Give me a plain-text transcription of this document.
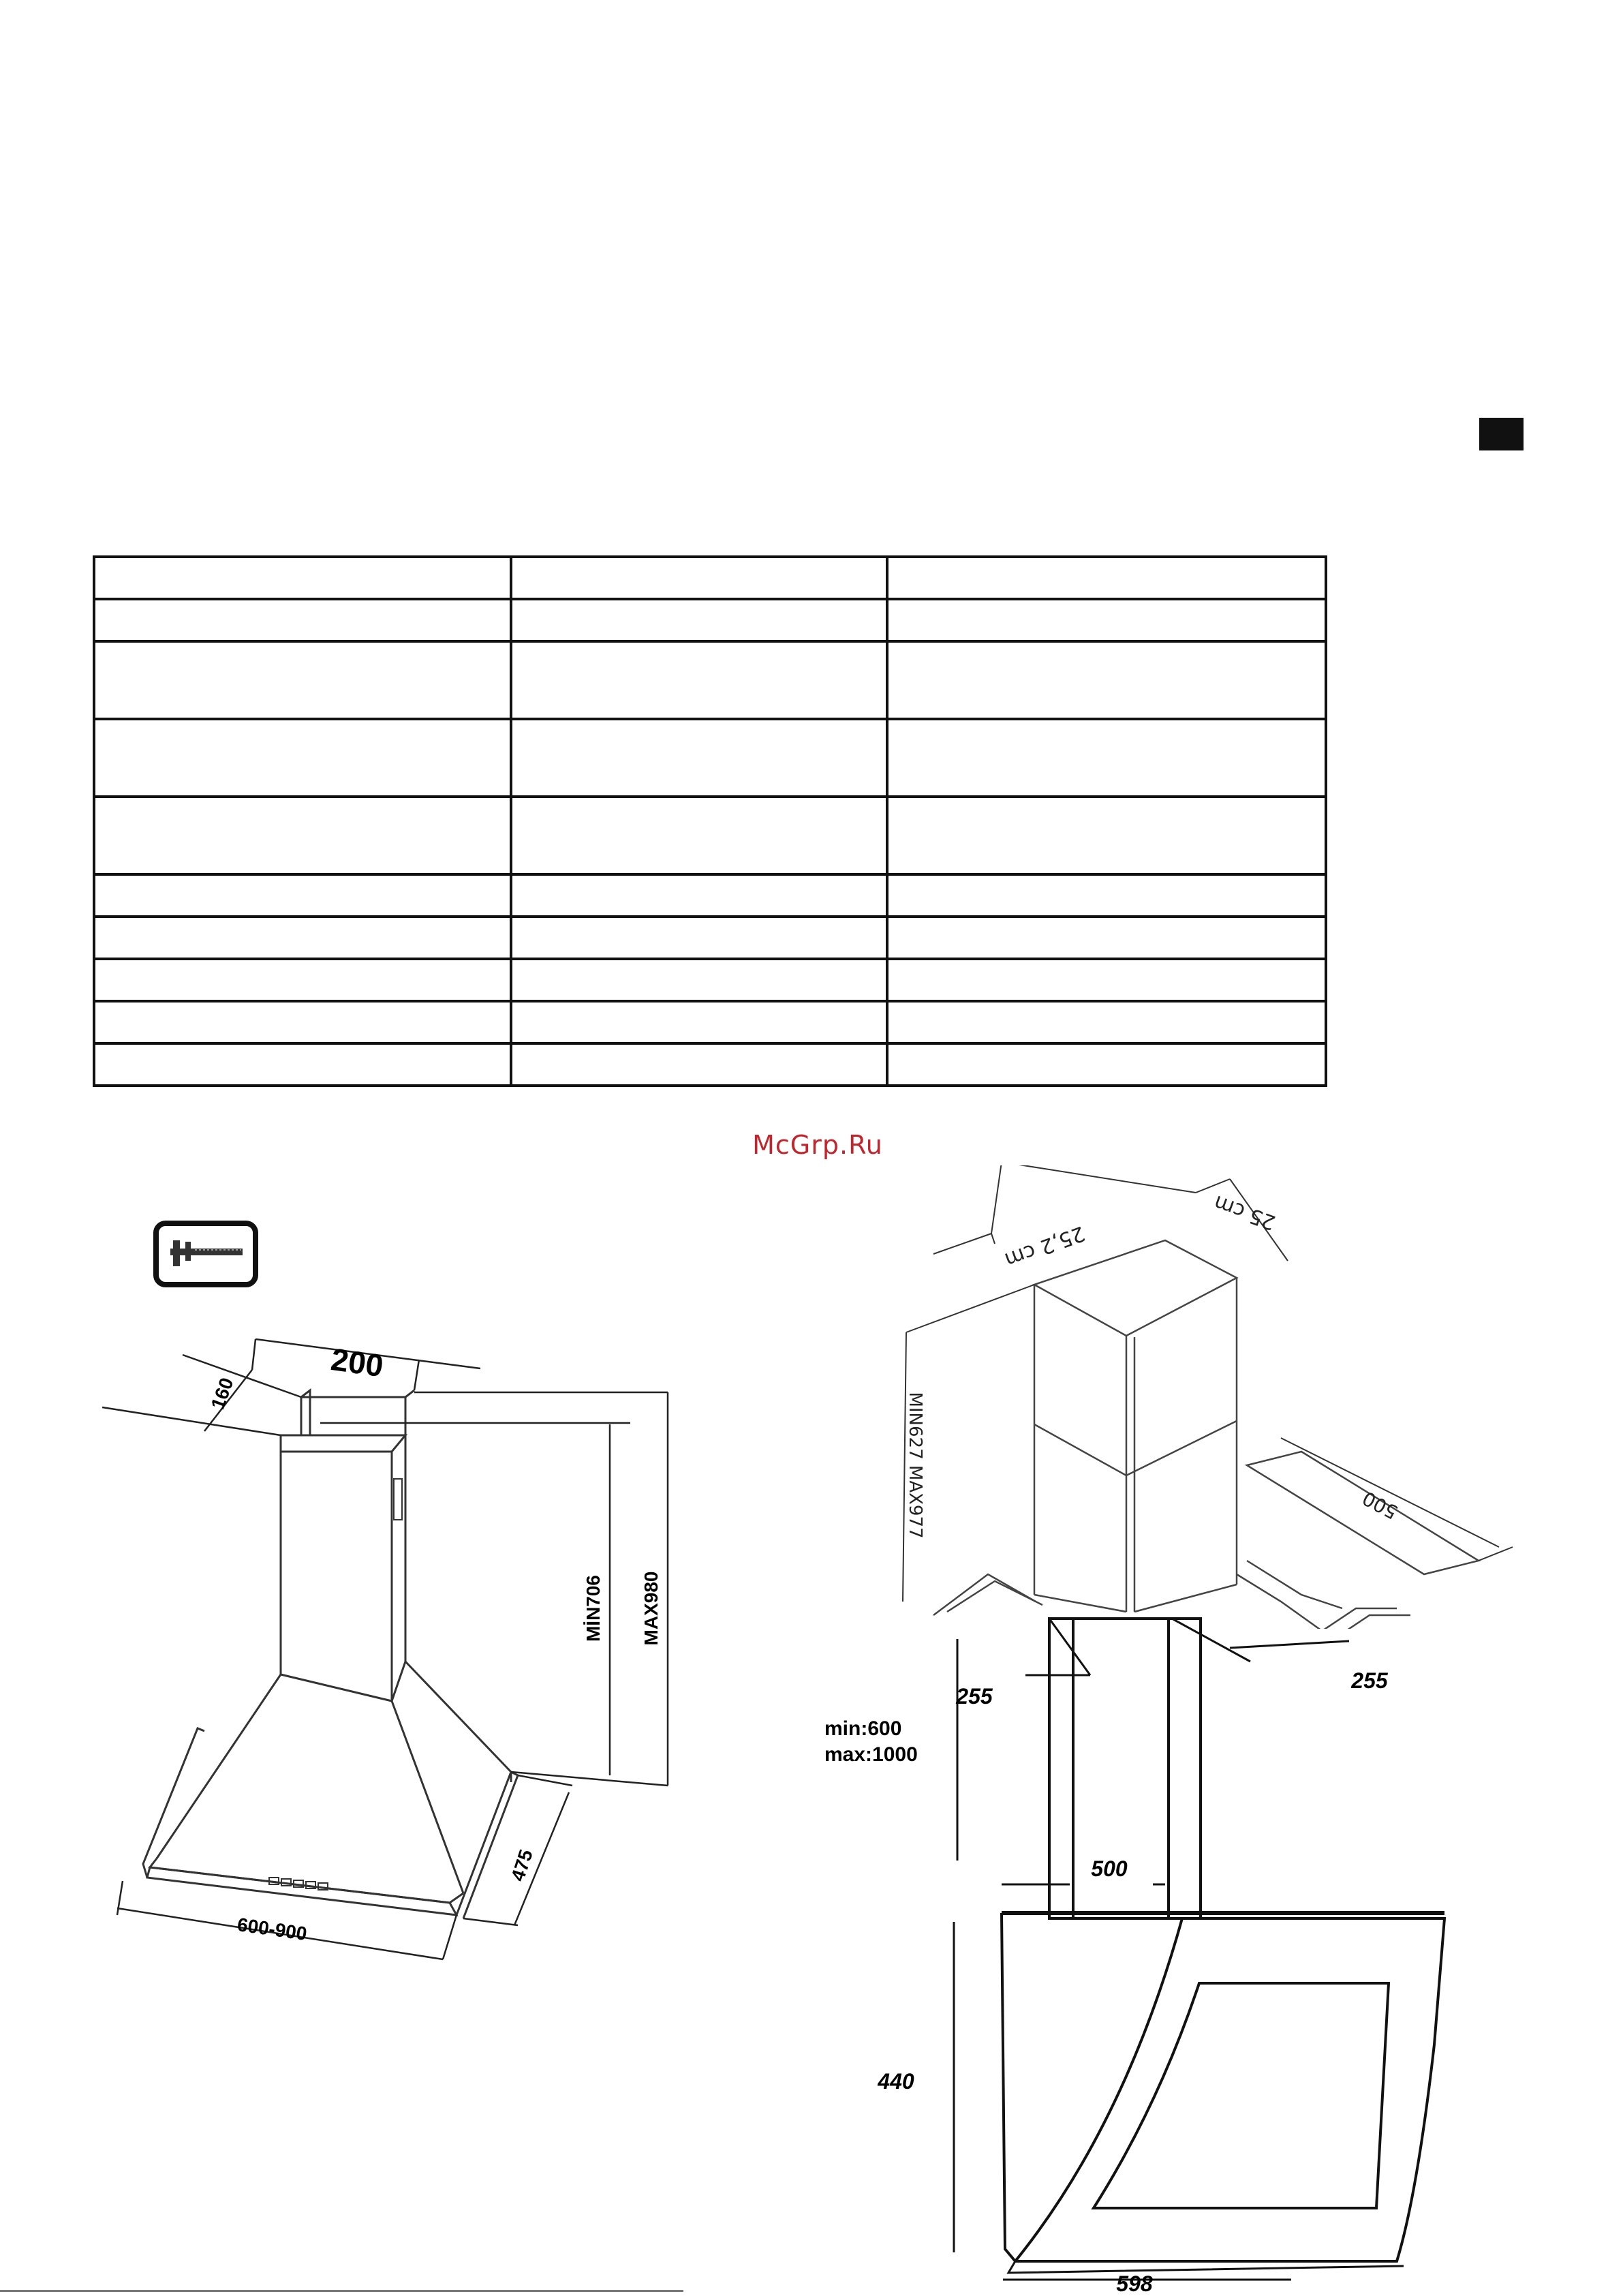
McGrp.Ru
200
160
MİN706 MAX980
475
600-900
25,2 cm
25 cm
MIN627 MAX977	500
255
255
min:600
max:1000
500
440
598
